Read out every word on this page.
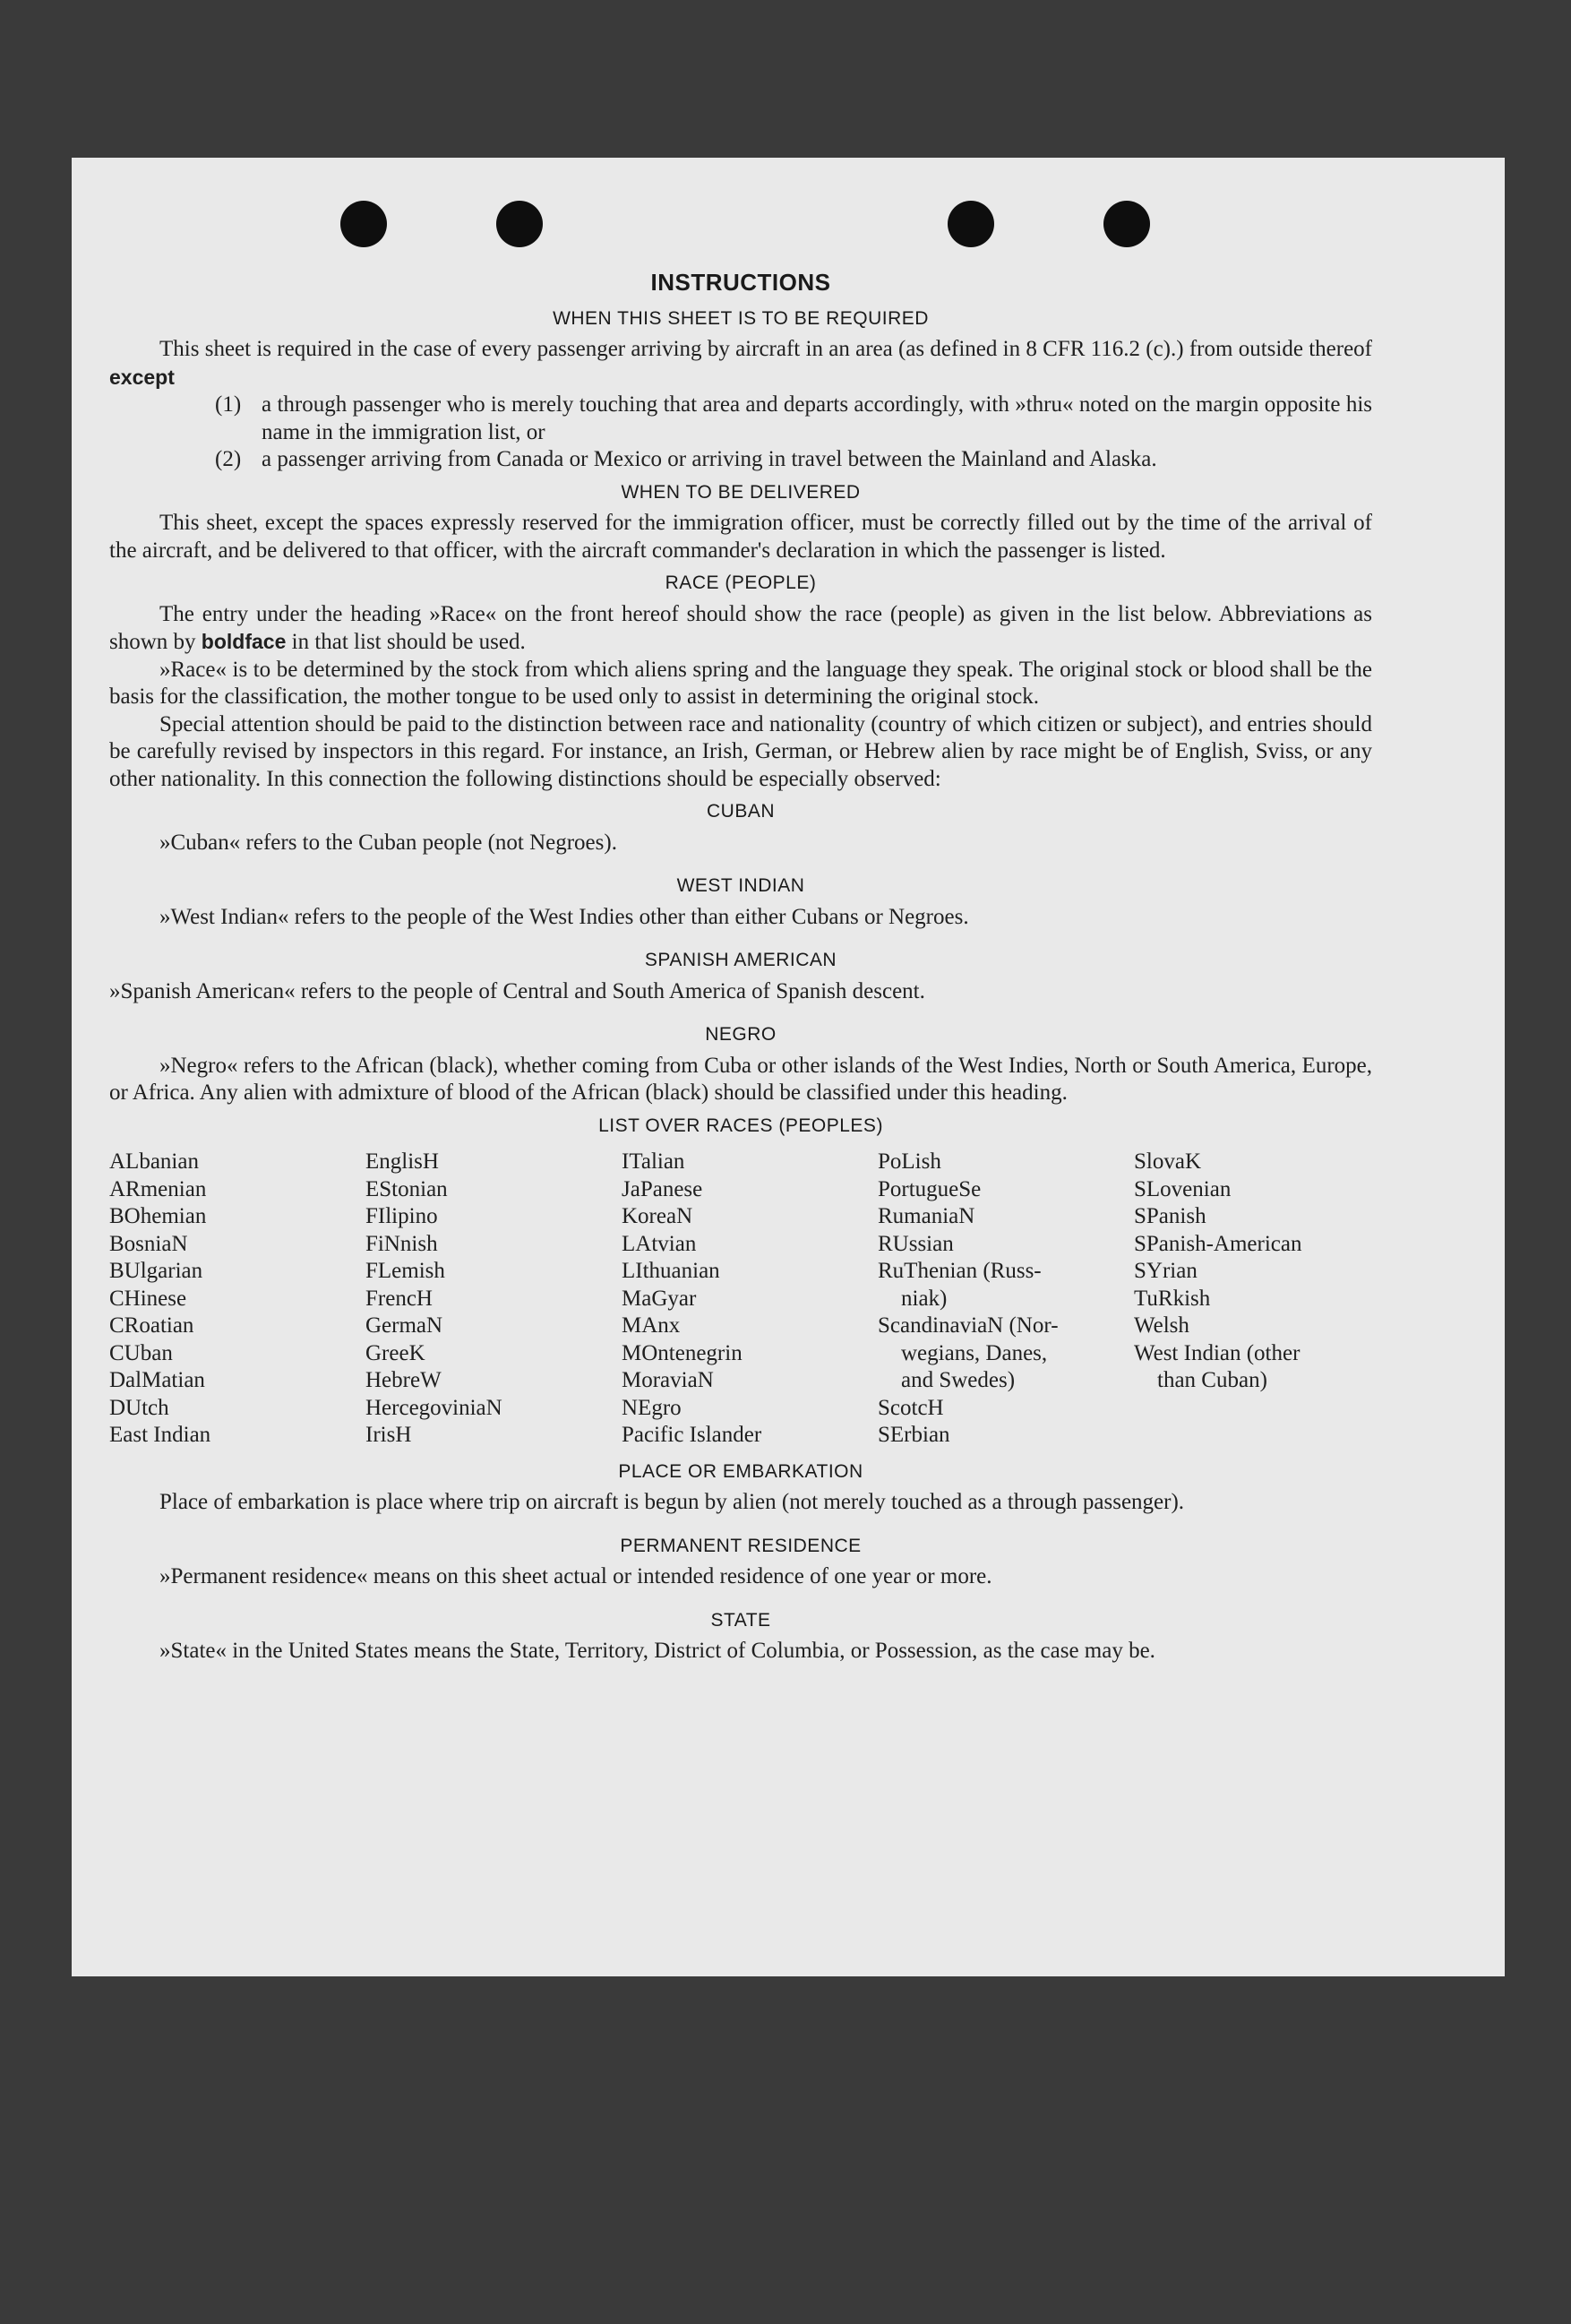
INSTRUCTIONS
WHEN THIS SHEET IS TO BE REQUIRED

This sheet is required in the case of every passenger arriving by aircraft in an area (as defined in 8 CFR 116.2 (c).) from outside thereof except

(1) a through passenger who is merely touching that area and departs accordingly, with »thru« noted on the margin opposite his name in the immigration list, or
(2) a passenger arriving from Canada or Mexico or arriving in travel between the Mainland and Alaska.
WHEN TO BE DELIVERED

This sheet, except the spaces expressly reserved for the immigration officer, must be correctly filled out by the time of the arrival of the aircraft, and be delivered to that officer, with the aircraft commander's declaration in which the passenger is listed.

RACE (PEOPLE)

The entry under the heading »Race« on the front hereof should show the race (people) as given in the list below. Abbreviations as shown by boldface in that list should be used.

»Race« is to be determined by the stock from which aliens spring and the language they speak. The original stock or blood shall be the basis for the classification, the mother tongue to be used only to assist in determining the original stock.

Special attention should be paid to the distinction between race and nationality (country of which citizen or subject), and entries should be carefully revised by inspectors in this regard. For instance, an Irish, German, or Hebrew alien by race might be of English, Sviss, or any other nationality. In this connection the following distinctions should be especially observed:

CUBAN

»Cuban« refers to the Cuban people (not Negroes).

WEST INDIAN

»West Indian« refers to the people of the West Indies other than either Cubans or Negroes.

SPANISH AMERICAN

»Spanish American« refers to the people of Central and South America of Spanish descent.

NEGRO

»Negro« refers to the African (black), whether coming from Cuba or other islands of the West Indies, North or South America, Europe, or Africa. Any alien with admixture of blood of the African (black) should be classified under this heading.

LIST OVER RACES (PEOPLES)
ALbanian
ARmenian
BOhemian
BosniaN
BUlgarian
CHinese
CRoatian
CUban
DalMatian
DUtch
East Indian
EnglisH
EStonian
FIlipino
FiNnish
FLemish
FrencH
GermaN
GreeK
HebreW
HercegoviniaN
IrisH
ITalian
JaPanese
KoreaN
LAtvian
LIthuanian
MaGyar
MAnx
MOntenegrin
MoraviaN
NEgro
Pacific Islander
PoLish
PortugueSe
RumaniaN
RUssian
RuThenian (Russ-
niak)
ScandinaviaN (Nor-
wegians, Danes,
and Swedes)
ScotcH
SErbian
SlovaK
SLovenian
SPanish
SPanish-American
SYrian
TuRkish
Welsh
West Indian (other
than Cuban)
PLACE OR EMBARKATION

Place of embarkation is place where trip on aircraft is begun by alien (not merely touched as a through passenger).

PERMANENT RESIDENCE

»Permanent residence« means on this sheet actual or intended residence of one year or more.

STATE

»State« in the United States means the State, Territory, District of Columbia, or Possession, as the case may be.
